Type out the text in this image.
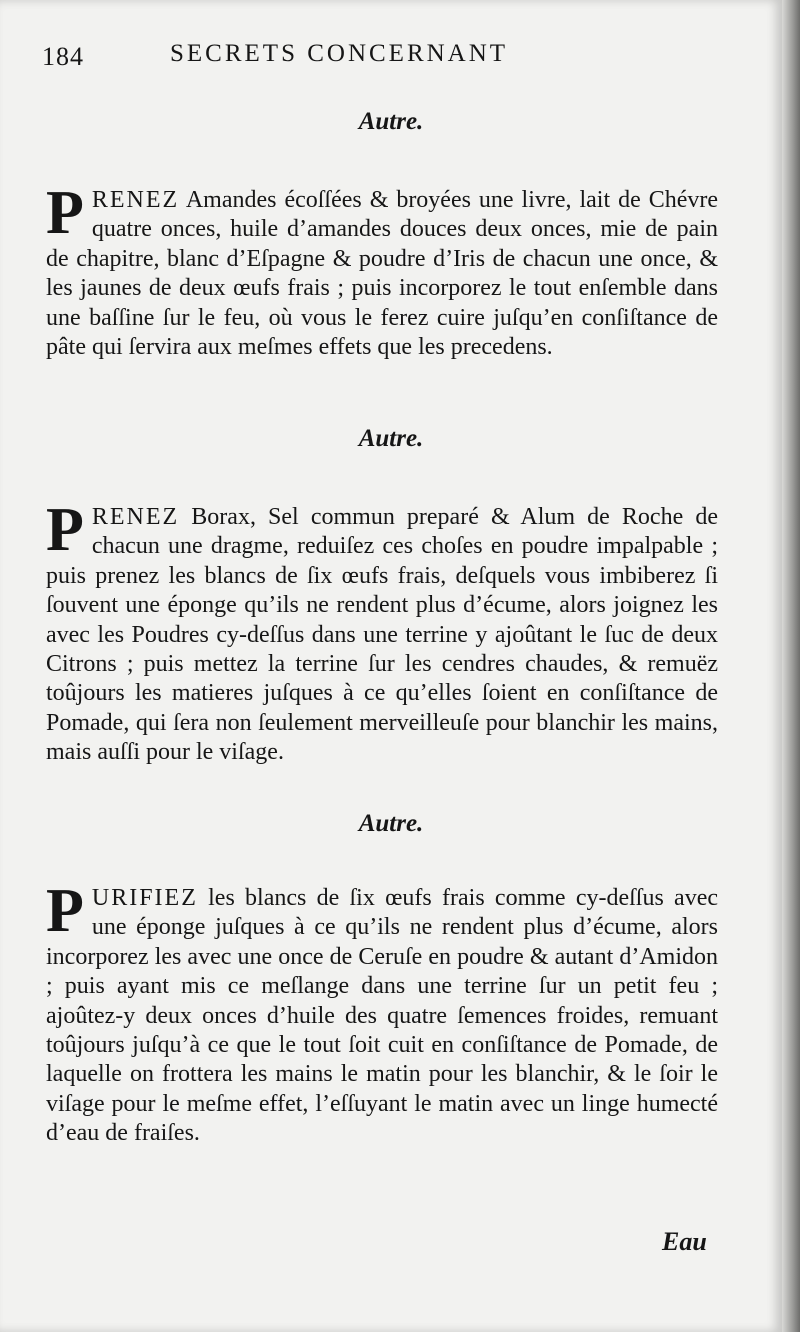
184	SECRETS CONCERNANT
Autre.
PRENEZ Amandes écoſſées & broyées une livre, lait de Chévre quatre onces, huile d’amandes douces deux onces, mie de pain de chapitre, blanc d’Eſpagne & poudre d’Iris de chacun une once, & les jaunes de deux œufs frais ; puis incorporez le tout enſemble dans une baſſine ſur le feu, où vous le ferez cuire juſqu’en conſiſtance de pâte qui ſervira aux meſmes effets que les precedens.
Autre.
PRENEZ Borax, Sel commun preparé & Alum de Roche de chacun une dragme, reduiſez ces choſes en poudre impalpable ; puis prenez les blancs de ſix œufs frais, deſquels vous imbiberez ſi ſouvent une éponge qu’ils ne rendent plus d’écume, alors joignez les avec les Poudres cy-deſſus dans une terrine y ajoûtant le ſuc de deux Citrons ; puis mettez la terrine ſur les cendres chaudes, & remuëz toûjours les matieres juſques à ce qu’elles ſoient en conſiſtance de Pomade, qui ſera non ſeulement merveilleuſe pour blanchir les mains, mais auſſi pour le viſage.
Autre.
PURIFIEZ les blancs de ſix œufs frais comme cy-deſſus avec une éponge juſques à ce qu’ils ne rendent plus d’écume, alors incorporez les avec une once de Ceruſe en poudre & autant d’Amidon ; puis ayant mis ce meſlange dans une terrine ſur un petit feu ; ajoûtez-y deux onces d’huile des quatre ſemences froides, remuant toûjours juſqu’à ce que le tout ſoit cuit en conſiſtance de Pomade, de laquelle on frottera les mains le matin pour les blanchir, & le ſoir le viſage pour le meſme effet, l’eſſuyant le matin avec un linge humecté d’eau de fraiſes.
Eau
